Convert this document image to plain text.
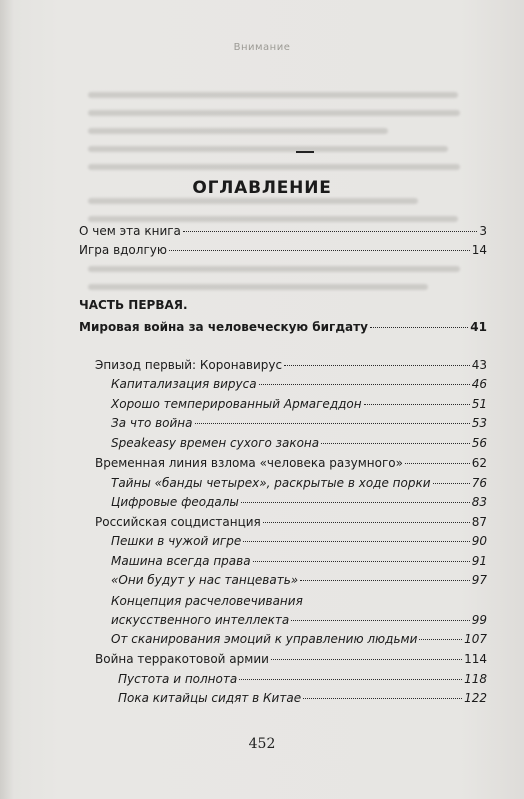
Внимание
ОГЛАВЛЕНИЕ
О чем эта книга	3
Игра вдолгую	14
ЧАСТЬ ПЕРВАЯ.
Мировая война за человеческую бигдату	41
Эпизод первый: Коронавирус	43
Капитализация вируса	46
Хорошо темперированный Армагеддон	51
За что война	53
Speakeasy времен сухого закона	56
Временная линия взлома «человека разумного»	62
Тайны «банды четырех», раскрытые в ходе порки	76
Цифровые феодалы	83
Российская соцдистанция	87
Пешки в чужой игре	90
Машина всегда права	91
«Они будут у нас танцевать»	97
Концепция расчеловечивания
искусственного интеллекта	99
От сканирования эмоций к управлению людьми	107
Война терракотовой армии	114
Пустота и полнота	118
Пока китайцы сидят в Китае	122
452
